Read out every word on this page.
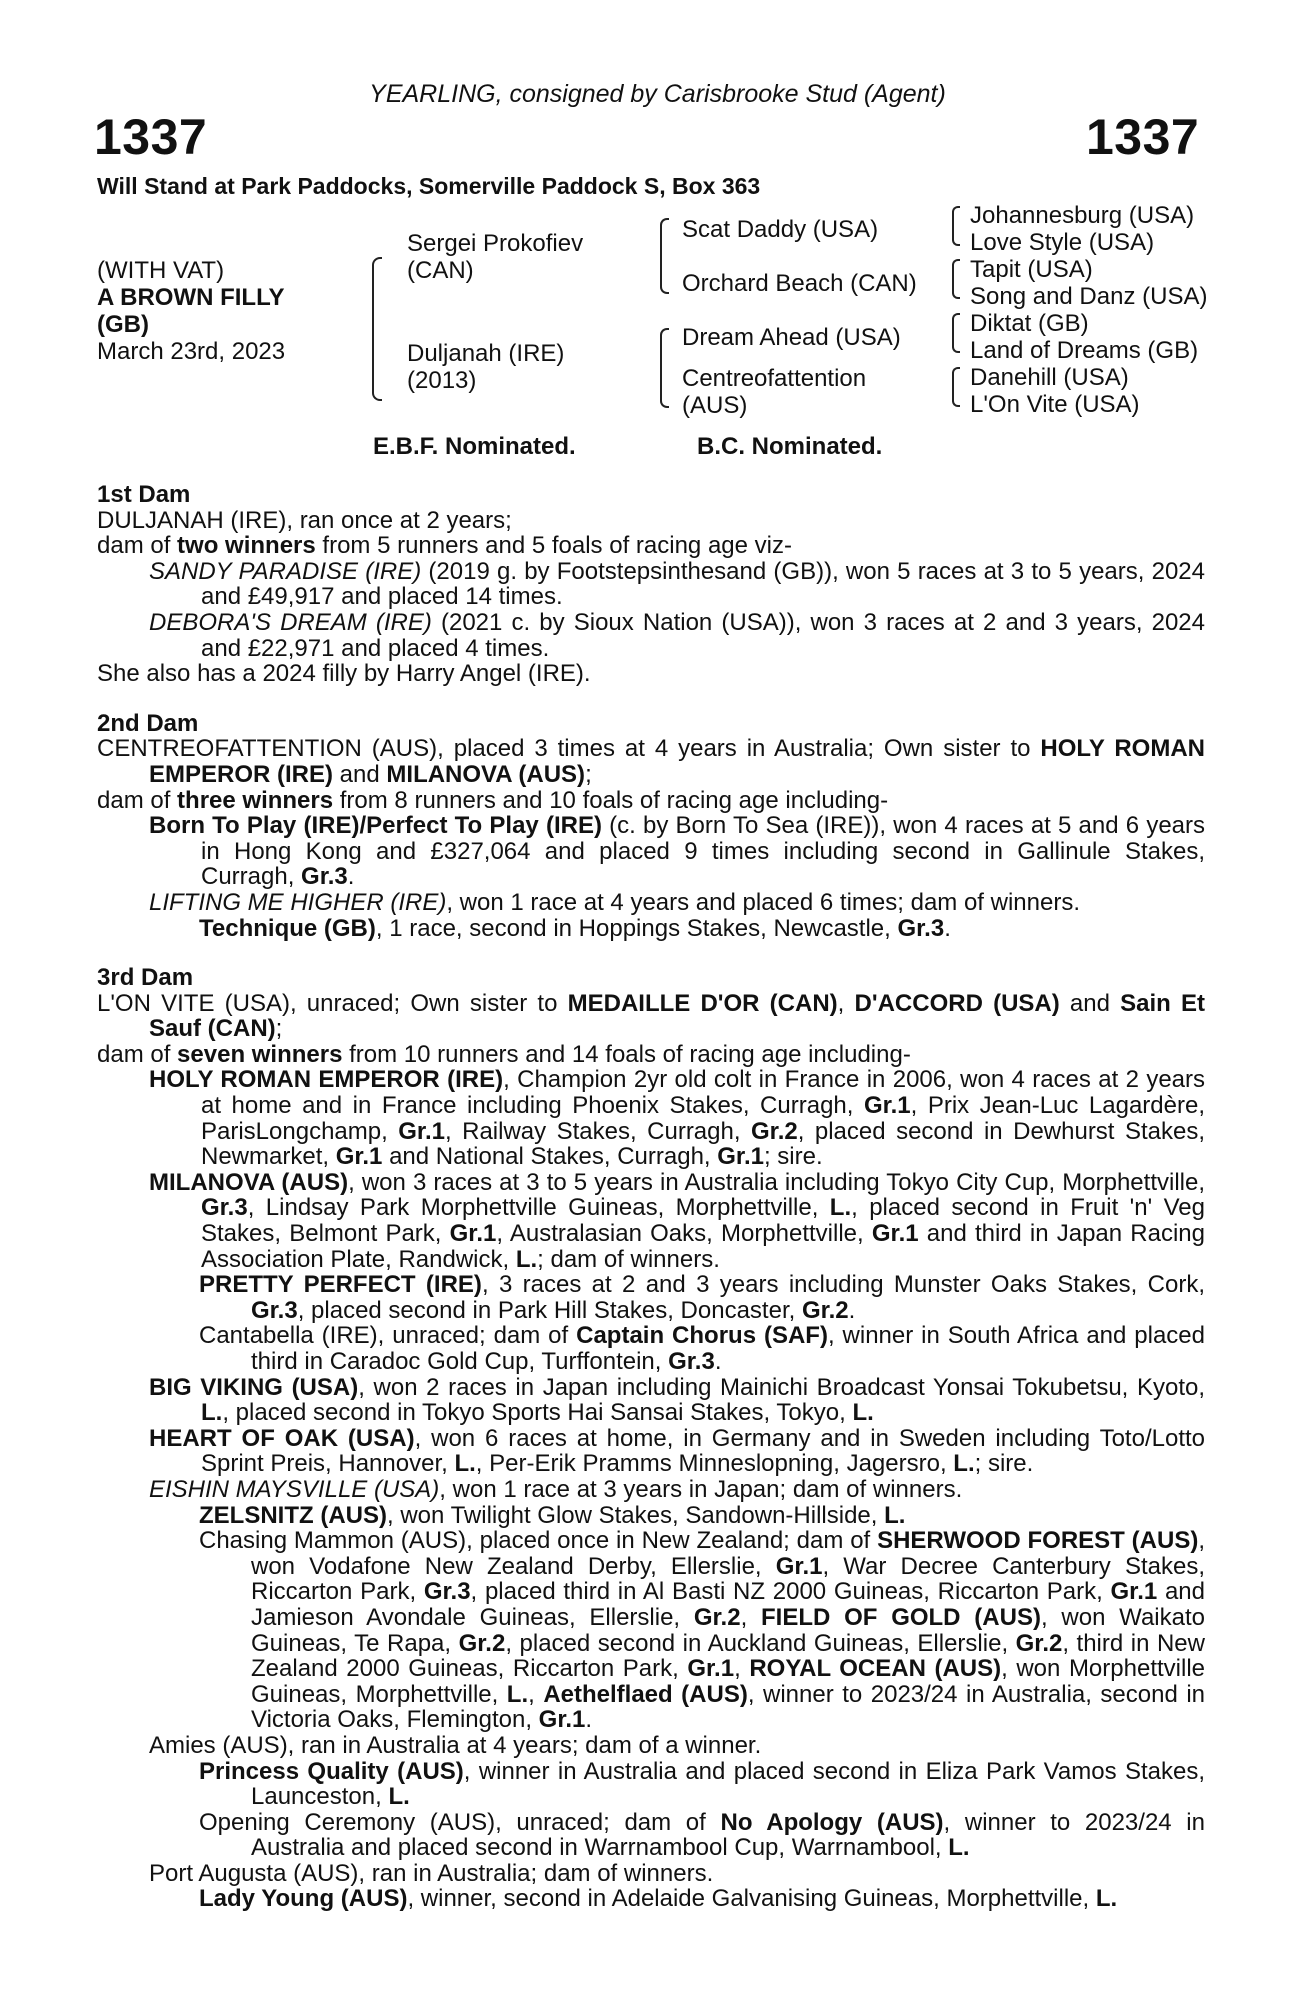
YEARLING, consigned by Carisbrooke Stud (Agent)
1337	1337
Will Stand at Park Paddocks, Somerville Paddock S, Box 363
(WITH VAT)
A BROWN FILLY
(GB)
March 23rd, 2023
Sergei Prokofiev
(CAN)
Duljanah (IRE)
(2013)
Scat Daddy (USA)
Orchard Beach (CAN)
Dream Ahead (USA)
Centreofattention
(AUS)
Johannesburg (USA)
Love Style (USA)
Tapit (USA)
Song and Danz (USA)
Diktat (GB)
Land of Dreams (GB)
Danehill (USA)
L'On Vite (USA)
E.B.F. Nominated.	B.C. Nominated.
1st Dam
DULJANAH (IRE), ran once at 2 years;
dam of two winners from 5 runners and 5 foals of racing age viz-
SANDY PARADISE (IRE) (2019 g. by Footstepsinthesand (GB)), won 5 races at 3 to 5 years, 2024 and £49,917 and placed 14 times.
DEBORA'S DREAM (IRE) (2021 c. by Sioux Nation (USA)), won 3 races at 2 and 3 years, 2024 and £22,971 and placed 4 times.
She also has a 2024 filly by Harry Angel (IRE).
2nd Dam
CENTREOFATTENTION (AUS), placed 3 times at 4 years in Australia; Own sister to HOLY ROMAN EMPEROR (IRE) and MILANOVA (AUS);
dam of three winners from 8 runners and 10 foals of racing age including-
Born To Play (IRE)/Perfect To Play (IRE) (c. by Born To Sea (IRE)), won 4 races at 5 and 6 years in Hong Kong and £327,064 and placed 9 times including second in Gallinule Stakes, Curragh, Gr.3.
LIFTING ME HIGHER (IRE), won 1 race at 4 years and placed 6 times; dam of winners.
Technique (GB), 1 race, second in Hoppings Stakes, Newcastle, Gr.3.
3rd Dam
L'ON VITE (USA), unraced; Own sister to MEDAILLE D'OR (CAN), D'ACCORD (USA) and Sain Et Sauf (CAN);
dam of seven winners from 10 runners and 14 foals of racing age including-
HOLY ROMAN EMPEROR (IRE), Champion 2yr old colt in France in 2006, won 4 races at 2 years at home and in France including Phoenix Stakes, Curragh, Gr.1, Prix Jean-Luc Lagardère, ParisLongchamp, Gr.1, Railway Stakes, Curragh, Gr.2, placed second in Dewhurst Stakes, Newmarket, Gr.1 and National Stakes, Curragh, Gr.1; sire.
MILANOVA (AUS), won 3 races at 3 to 5 years in Australia including Tokyo City Cup, Morphettville, Gr.3, Lindsay Park Morphettville Guineas, Morphettville, L., placed second in Fruit 'n' Veg Stakes, Belmont Park, Gr.1, Australasian Oaks, Morphettville, Gr.1 and third in Japan Racing Association Plate, Randwick, L.; dam of winners.
PRETTY PERFECT (IRE), 3 races at 2 and 3 years including Munster Oaks Stakes, Cork, Gr.3, placed second in Park Hill Stakes, Doncaster, Gr.2.
Cantabella (IRE), unraced; dam of Captain Chorus (SAF), winner in South Africa and placed third in Caradoc Gold Cup, Turffontein, Gr.3.
BIG VIKING (USA), won 2 races in Japan including Mainichi Broadcast Yonsai Tokubetsu, Kyoto, L., placed second in Tokyo Sports Hai Sansai Stakes, Tokyo, L.
HEART OF OAK (USA), won 6 races at home, in Germany and in Sweden including Toto/Lotto Sprint Preis, Hannover, L., Per-Erik Pramms Minneslopning, Jagersro, L.; sire.
EISHIN MAYSVILLE (USA), won 1 race at 3 years in Japan; dam of winners.
ZELSNITZ (AUS), won Twilight Glow Stakes, Sandown-Hillside, L.
Chasing Mammon (AUS), placed once in New Zealand; dam of SHERWOOD FOREST (AUS), won Vodafone New Zealand Derby, Ellerslie, Gr.1, War Decree Canterbury Stakes, Riccarton Park, Gr.3, placed third in Al Basti NZ 2000 Guineas, Riccarton Park, Gr.1 and Jamieson Avondale Guineas, Ellerslie, Gr.2, FIELD OF GOLD (AUS), won Waikato Guineas, Te Rapa, Gr.2, placed second in Auckland Guineas, Ellerslie, Gr.2, third in New Zealand 2000 Guineas, Riccarton Park, Gr.1, ROYAL OCEAN (AUS), won Morphettville Guineas, Morphettville, L., Aethelflaed (AUS), winner to 2023/24 in Australia, second in Victoria Oaks, Flemington, Gr.1.
Amies (AUS), ran in Australia at 4 years; dam of a winner.
Princess Quality (AUS), winner in Australia and placed second in Eliza Park Vamos Stakes, Launceston, L.
Opening Ceremony (AUS), unraced; dam of No Apology (AUS), winner to 2023/24 in Australia and placed second in Warrnambool Cup, Warrnambool, L.
Port Augusta (AUS), ran in Australia; dam of winners.
Lady Young (AUS), winner, second in Adelaide Galvanising Guineas, Morphettville, L.
